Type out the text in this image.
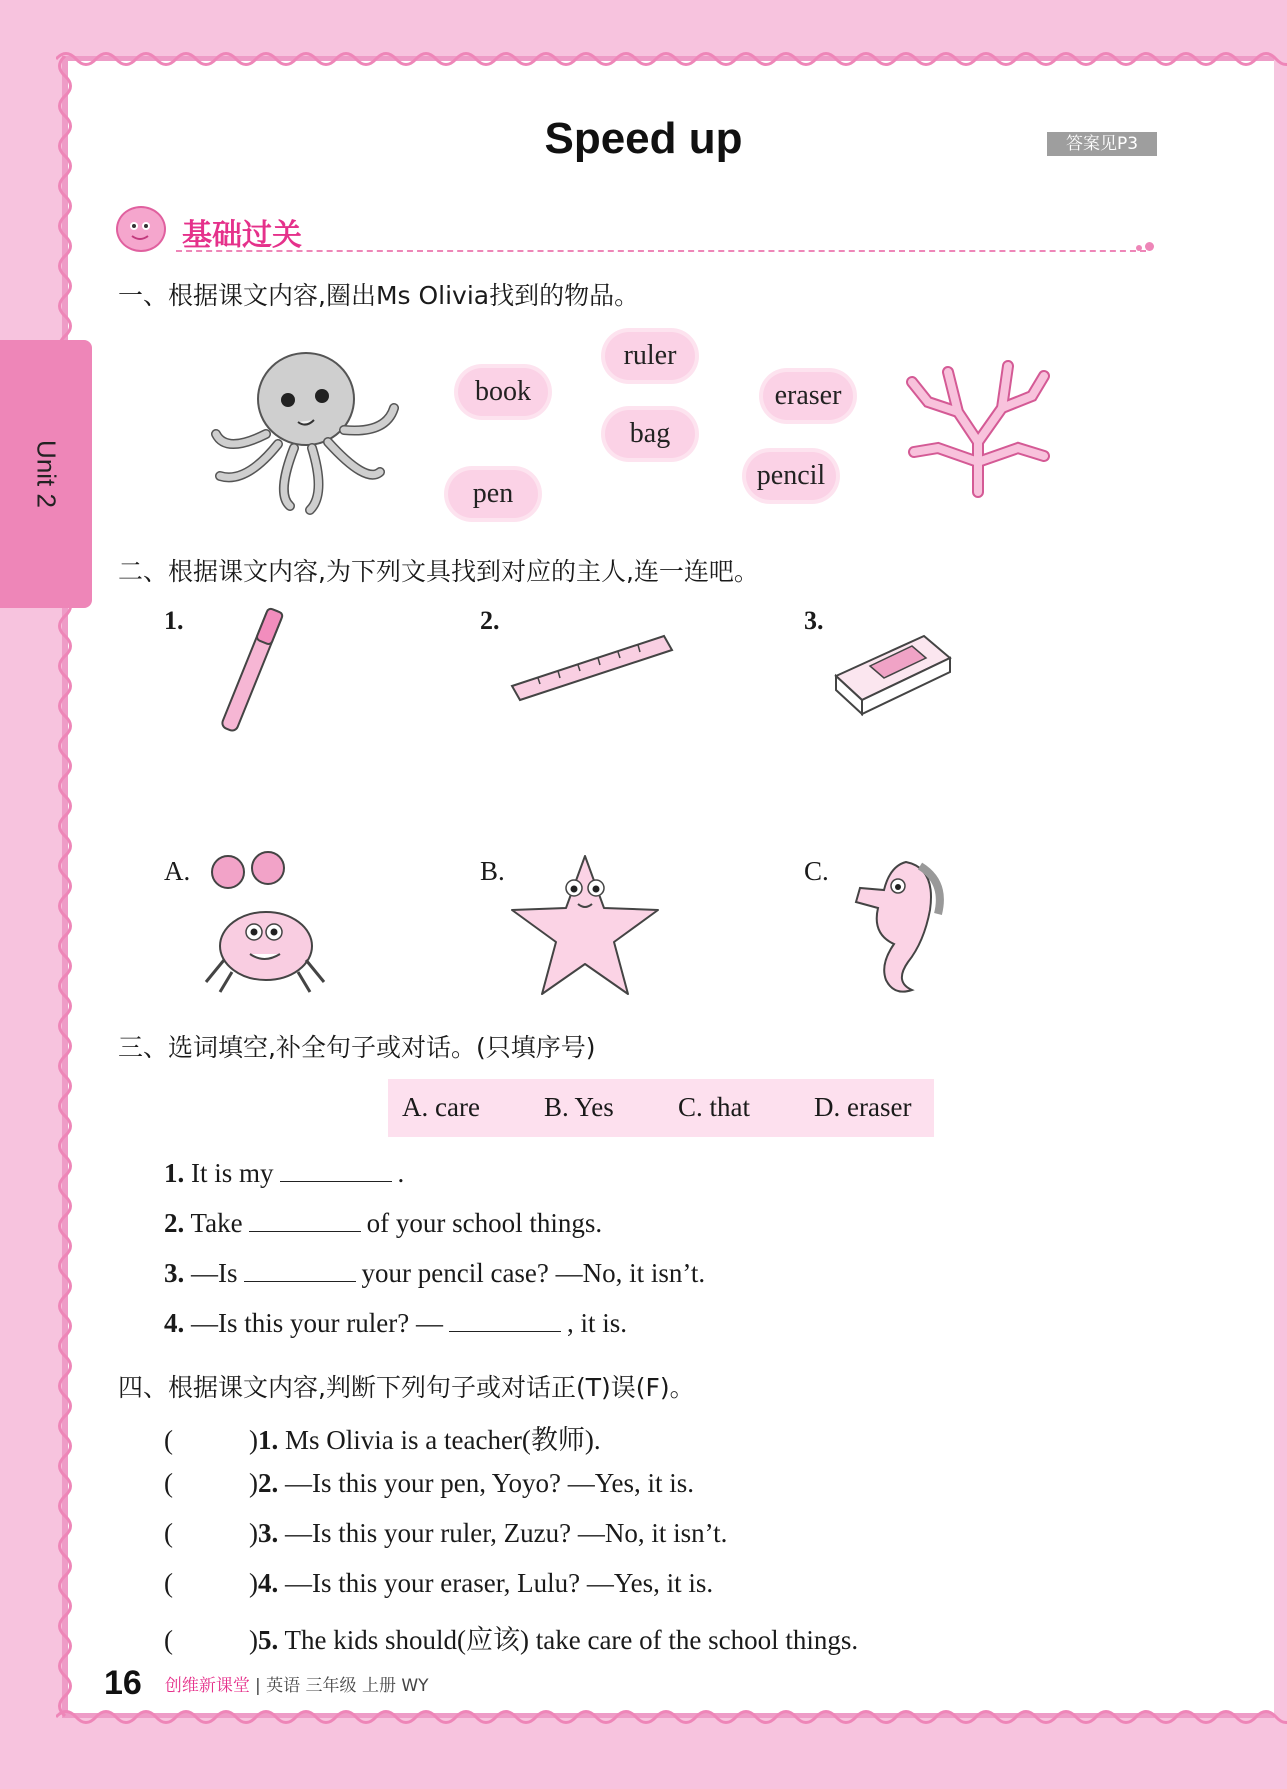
Unit 2
Speed up	答案见P3
基础过关
一、根据课文内容,圈出Ms Olivia找到的物品。
book
ruler
bag
pen
eraser
pencil
二、根据课文内容,为下列文具找到对应的主人,连一连吧。
1.	2.	3.
A.	B.	C.
三、选词填空,补全句子或对话。(只填序号)
A. care B. Yes C. that D. eraser
1. It is my	.
2. Take	of your school things.
3. —Is	your pencil case? —No, it isn’t.
4. —Is this your ruler? —	, it is.
四、根据课文内容,判断下列句子或对话正(T)误(F)。
(	)1. Ms Olivia is a teacher(教师).
(	)2. —Is this your pen, Yoyo? —Yes, it is.
(	)3. —Is this your ruler, Zuzu? —No, it isn’t.
(	)4. —Is this your eraser, Lulu? —Yes, it is.
(	)5. The kids should(应该) take care of the school things.
16 创维新课堂 | 英语 三年级 上册 WY
